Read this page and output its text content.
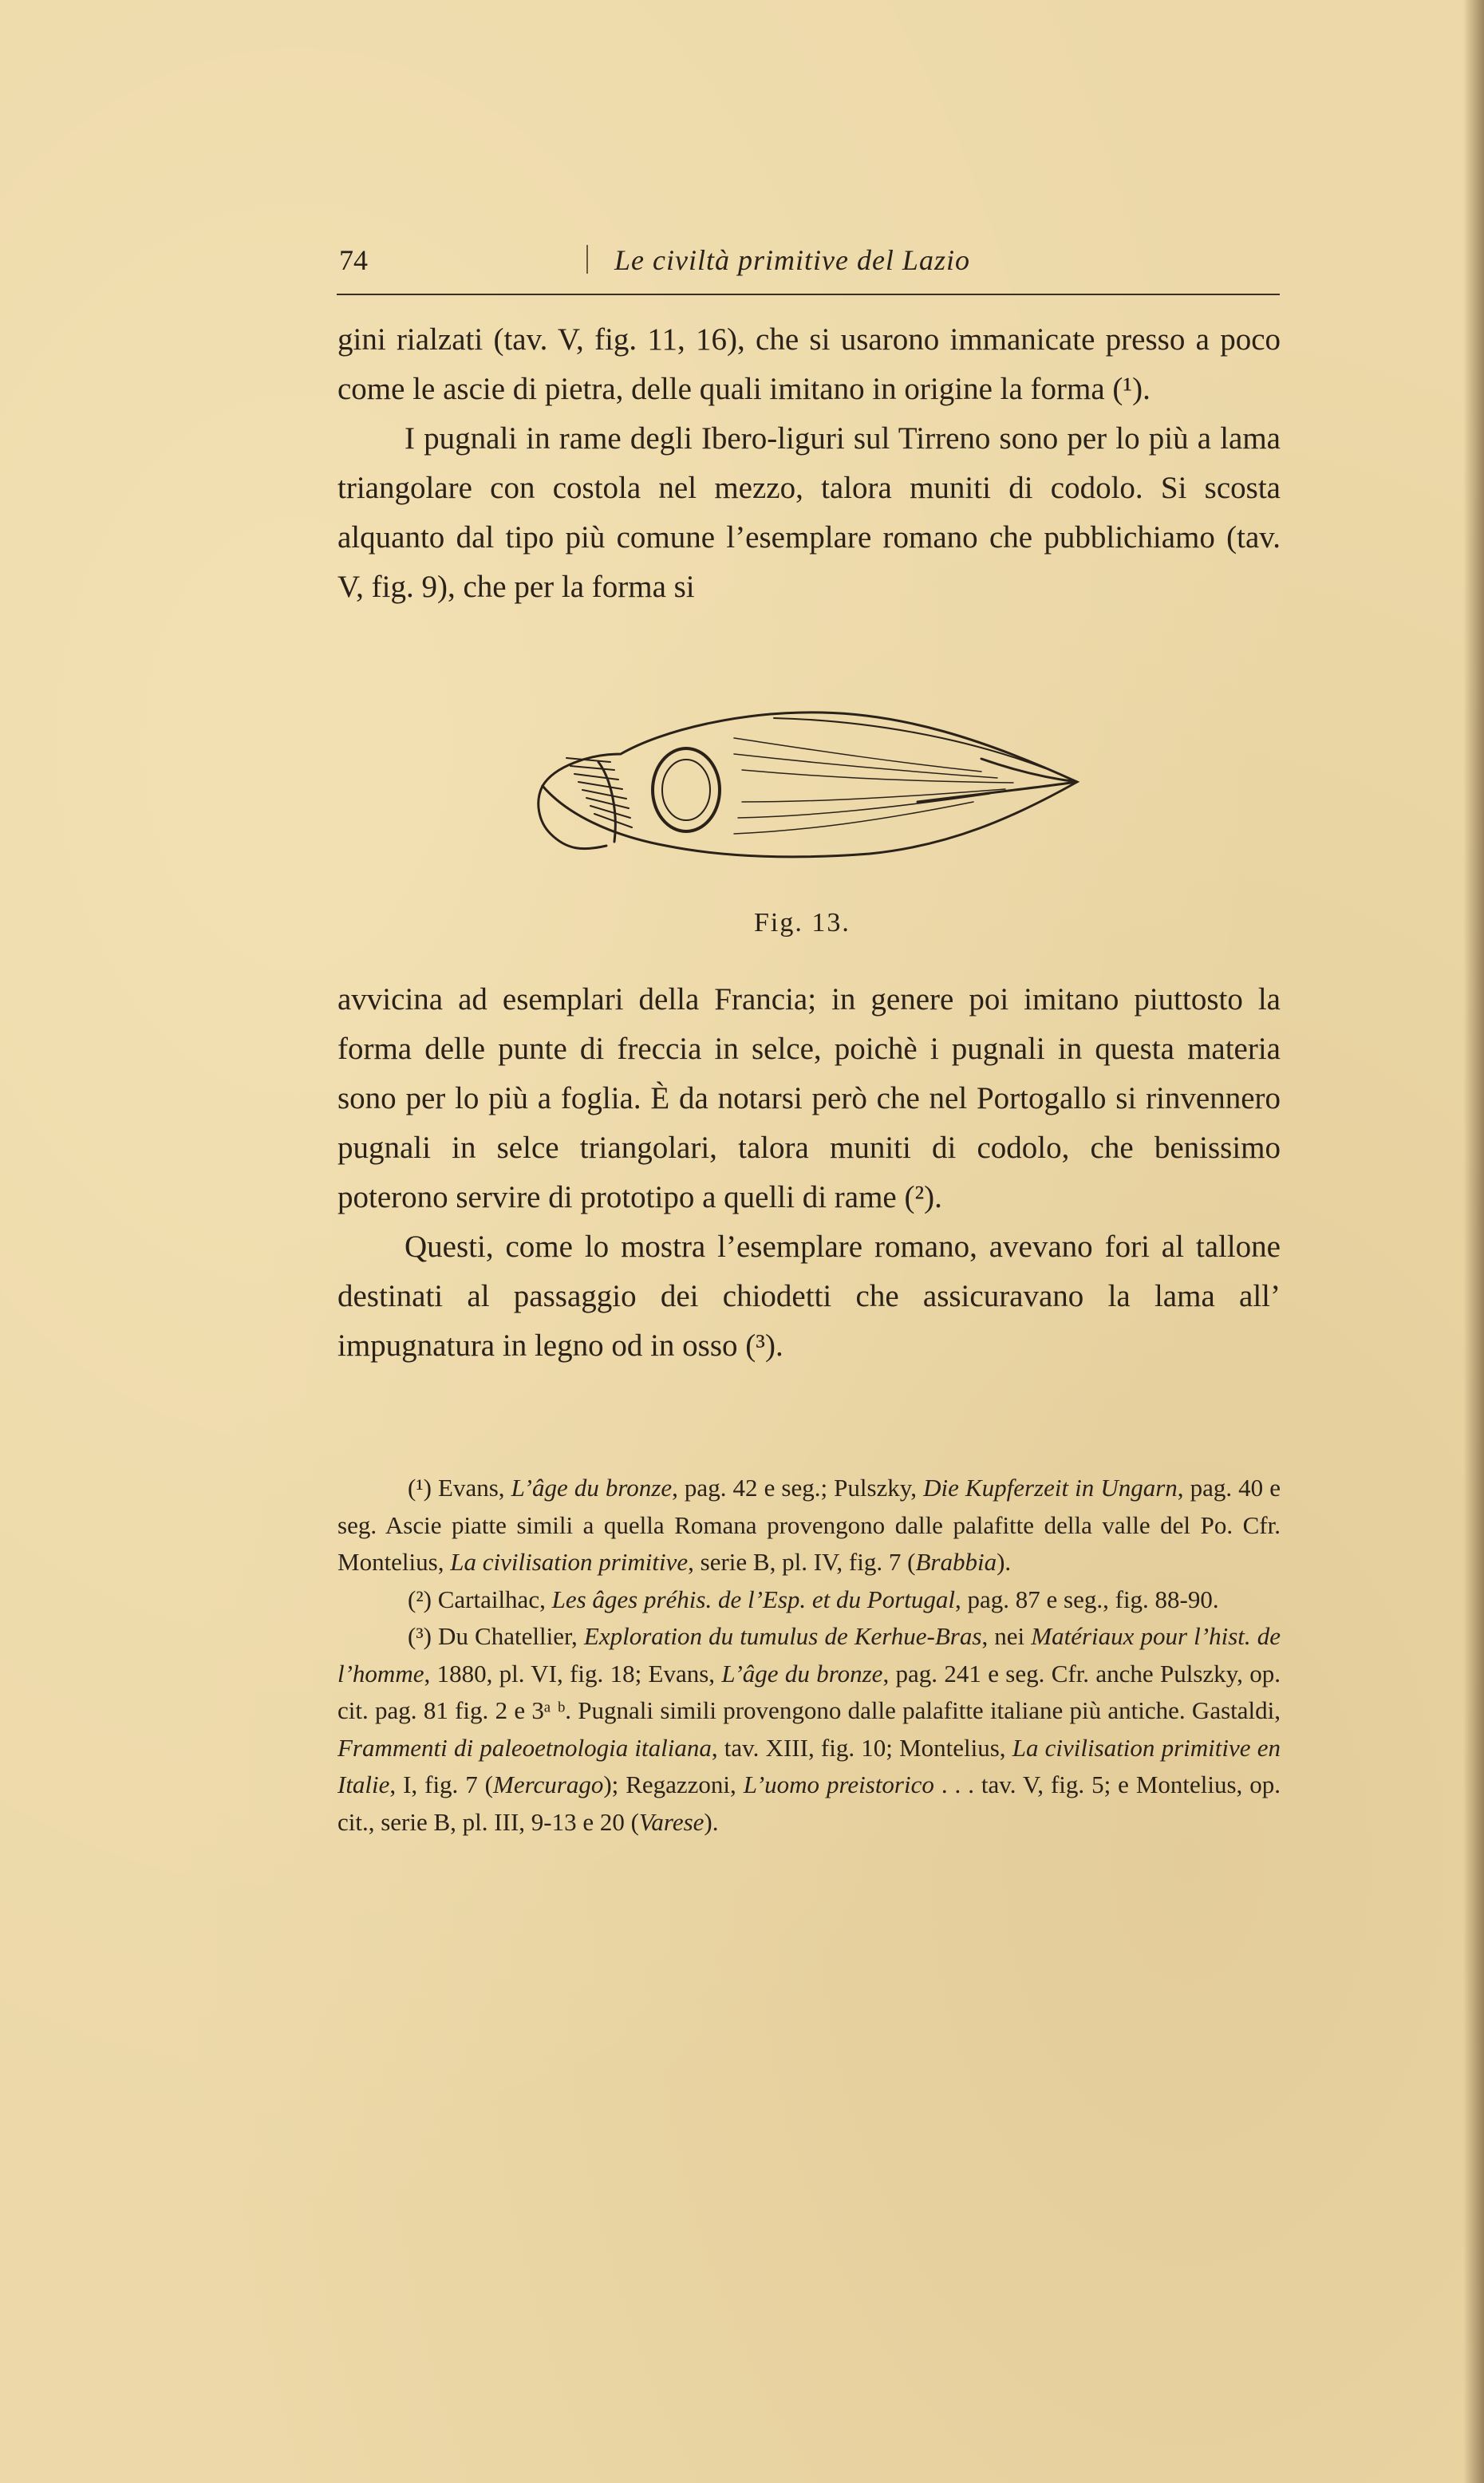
74	Le civiltà primitive del Lazio

gini rialzati (tav. V, fig. 11, 16), che si usarono immanicate presso a poco come le ascie di pietra, delle quali imitano in origine la forma (¹).

I pugnali in rame degli Ibero-liguri sul Tirreno sono per lo più a lama triangolare con costola nel mezzo, talora muniti di codolo. Si scosta alquanto dal tipo più comune l’esemplare romano che pubblichiamo (tav. V, fig. 9), che per la forma si

Fig. 13.

avvicina ad esemplari della Francia; in genere poi imitano piuttosto la forma delle punte di freccia in selce, poichè i pugnali in questa materia sono per lo più a foglia. È da notarsi però che nel Portogallo si rinvennero pugnali in selce triangolari, talora muniti di codolo, che benissimo poterono servire di prototipo a quelli di rame (²).

Questi, come lo mostra l’esemplare romano, avevano fori al tallone destinati al passaggio dei chiodetti che assicuravano la lama all’ impugnatura in legno od in osso (³).

(¹) Evans, L’âge du bronze, pag. 42 e seg.; Pulszky, Die Kupferzeit in Ungarn, pag. 40 e seg. Ascie piatte simili a quella Romana provengono dalle palafitte della valle del Po. Cfr. Montelius, La civilisation primitive, serie B, pl. IV, fig. 7 (Brabbia).

(²) Cartailhac, Les âges préhis. de l’Esp. et du Portugal, pag. 87 e seg., fig. 88-90.

(³) Du Chatellier, Exploration du tumulus de Kerhue-Bras, nei Matériaux pour l’hist. de l’homme, 1880, pl. VI, fig. 18; Evans, L’âge du bronze, pag. 241 e seg. Cfr. anche Pulszky, op. cit. pag. 81 fig. 2 e 3ᵃ ᵇ. Pugnali simili provengono dalle palafitte italiane più antiche. Gastaldi, Frammenti di paleoetnologia italiana, tav. XIII, fig. 10; Montelius, La civilisation primitive en Italie, I, fig. 7 (Mercurago); Regazzoni, L’uomo preistorico . . . tav. V, fig. 5; e Montelius, op. cit., serie B, pl. III, 9-13 e 20 (Varese).
